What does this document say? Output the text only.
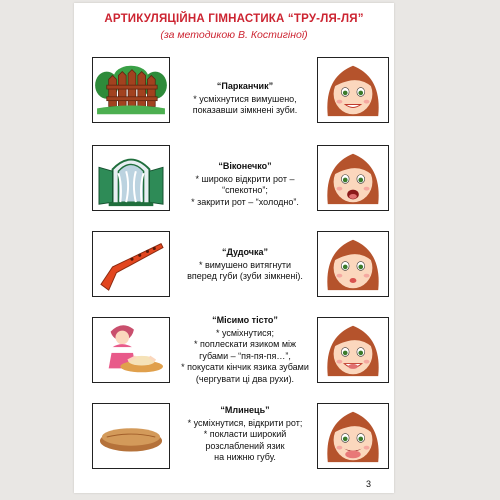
АРТИКУЛЯЦІЙНА ГІМНАСТИКА “ТРУ-ЛЯ-ЛЯ”
(за методикою В. Костигіної)
“Парканчик”
* усміхнутися вимушено,
показавши зімкнені зуби.
“Віконечко”
* широко відкрити рот –
“спекотно”;
* закрити рот – “холодно”.
“Дудочка”
* вимушено витягнути
вперед губи (зуби зімкнені).
“Місимо тісто”
* усміхнутися;
* поплескати язиком між
губами – “пя-пя-пя…”,
* покусати кінчик язика зубами
(чергувати ці два рухи).
“Млинець”
* усміхнутися, відкрити рот;
* покласти широкий
розслаблений язик
на нижню губу.
3
